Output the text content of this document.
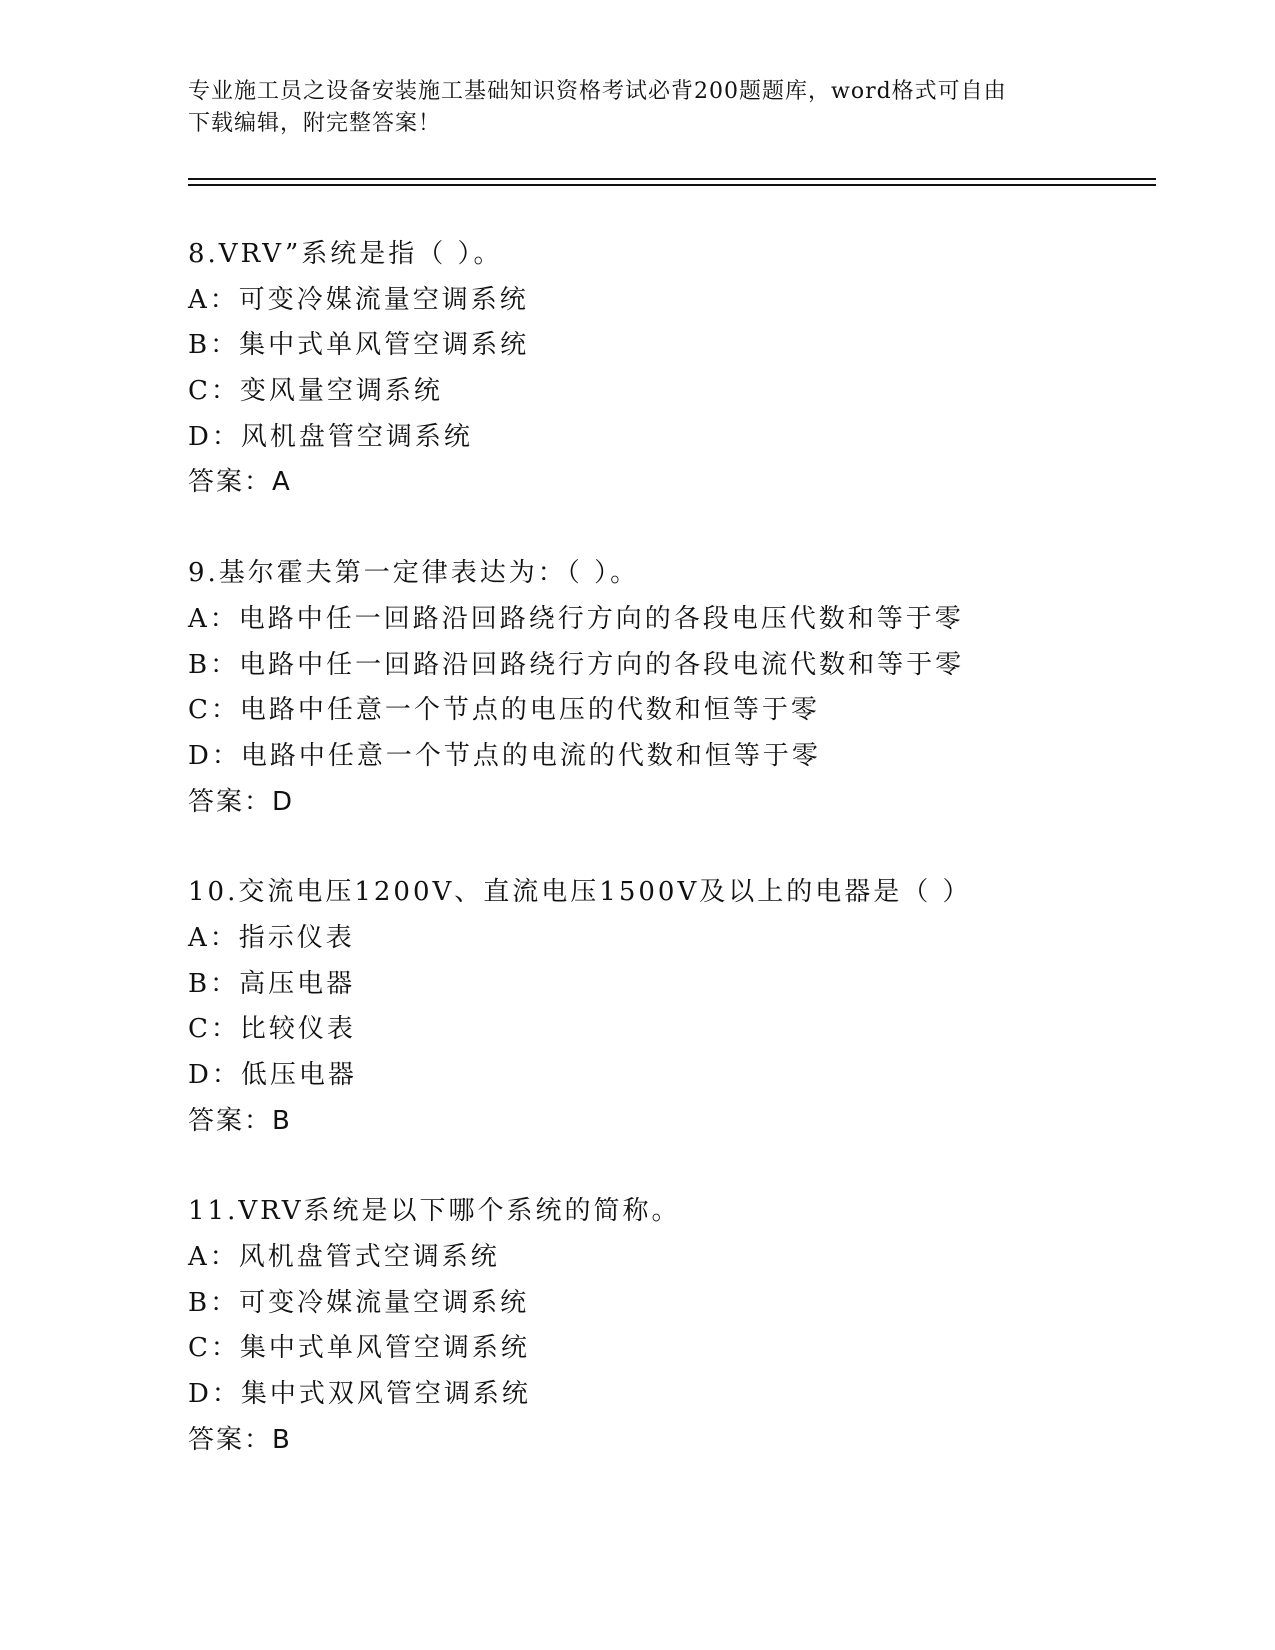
专业施工员之设备安装施工基础知识资格考试必背200题题库，word格式可自由
下载编辑，附完整答案！
8.VRV”系统是指（ ）。
A：可变冷媒流量空调系统
B：集中式单风管空调系统
C：变风量空调系统
D：风机盘管空调系统
答案：A
9.基尔霍夫第一定律表达为：（ ）。
A：电路中任一回路沿回路绕行方向的各段电压代数和等于零
B：电路中任一回路沿回路绕行方向的各段电流代数和等于零
C：电路中任意一个节点的电压的代数和恒等于零
D：电路中任意一个节点的电流的代数和恒等于零
答案：D
10.交流电压1200V、直流电压1500V及以上的电器是（ ）
A：指示仪表
B：高压电器
C：比较仪表
D：低压电器
答案：B
11.VRV系统是以下哪个系统的简称。
A：风机盘管式空调系统
B：可变冷媒流量空调系统
C：集中式单风管空调系统
D：集中式双风管空调系统
答案：B
